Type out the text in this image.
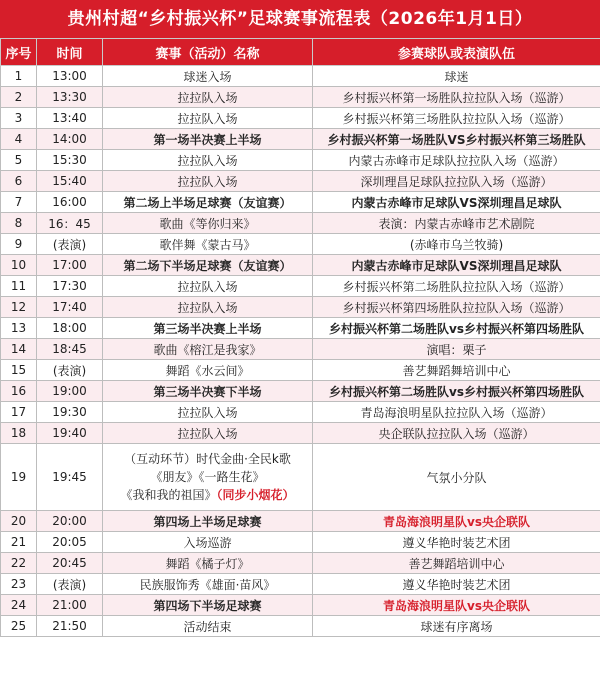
贵州村超“乡村振兴杯”足球赛事流程表（2026年1月1日）
序号	时间	赛事（活动）名称	参赛球队或表演队伍
1	13:00	球迷入场	球迷
2	13:30	拉拉队入场	乡村振兴杯第一场胜队拉拉队入场（巡游）
3	13:40	拉拉队入场	乡村振兴杯第三场胜队拉拉队入场（巡游）
4	14:00	第一场半决赛上半场	乡村振兴杯第一场胜队VS乡村振兴杯第三场胜队
5	15:30	拉拉队入场	内蒙古赤峰市足球队拉拉队入场（巡游）
6	15:40	拉拉队入场	深圳理昌足球队拉拉队入场（巡游）
7	16:00	第二场上半场足球赛（友谊赛）	内蒙古赤峰市足球队VS深圳理昌足球队
8	16：45	歌曲《等你归来》	表演：内蒙古赤峰市艺术剧院
9	(表演)	歌伴舞《蒙古马》	(赤峰市乌兰牧骑)
10	17:00	第二场下半场足球赛（友谊赛）	内蒙古赤峰市足球队VS深圳理昌足球队
11	17:30	拉拉队入场	乡村振兴杯第二场胜队拉拉队入场（巡游）
12	17:40	拉拉队入场	乡村振兴杯第四场胜队拉拉队入场（巡游）
13	18:00	第三场半决赛上半场	乡村振兴杯第二场胜队vs乡村振兴杯第四场胜队
14	18:45	歌曲《榕江是我家》	演唱：栗子
15	(表演)	舞蹈《水云间》	善艺舞蹈舞培训中心
16	19:00	第三场半决赛下半场	乡村振兴杯第二场胜队vs乡村振兴杯第四场胜队
17	19:30	拉拉队入场	青岛海浪明星队拉拉队入场（巡游）
18	19:40	拉拉队入场	央企联队拉拉队入场（巡游）
19	19:45	（互动环节）时代金曲·全民k歌
《朋友》《一路生花》
《我和我的祖国》（同步小烟花）	气氛小分队
20	20:00	第四场上半场足球赛	青岛海浪明星队vs央企联队
21	20:05	入场巡游	遵义华艳时装艺术团
22	20:45	舞蹈《橘子灯》	善艺舞蹈培训中心
23	(表演)	民族服饰秀《雄面·苗风》	遵义华艳时装艺术团
24	21:00	第四场下半场足球赛	青岛海浪明星队vs央企联队
25	21:50	活动结束	球迷有序离场
